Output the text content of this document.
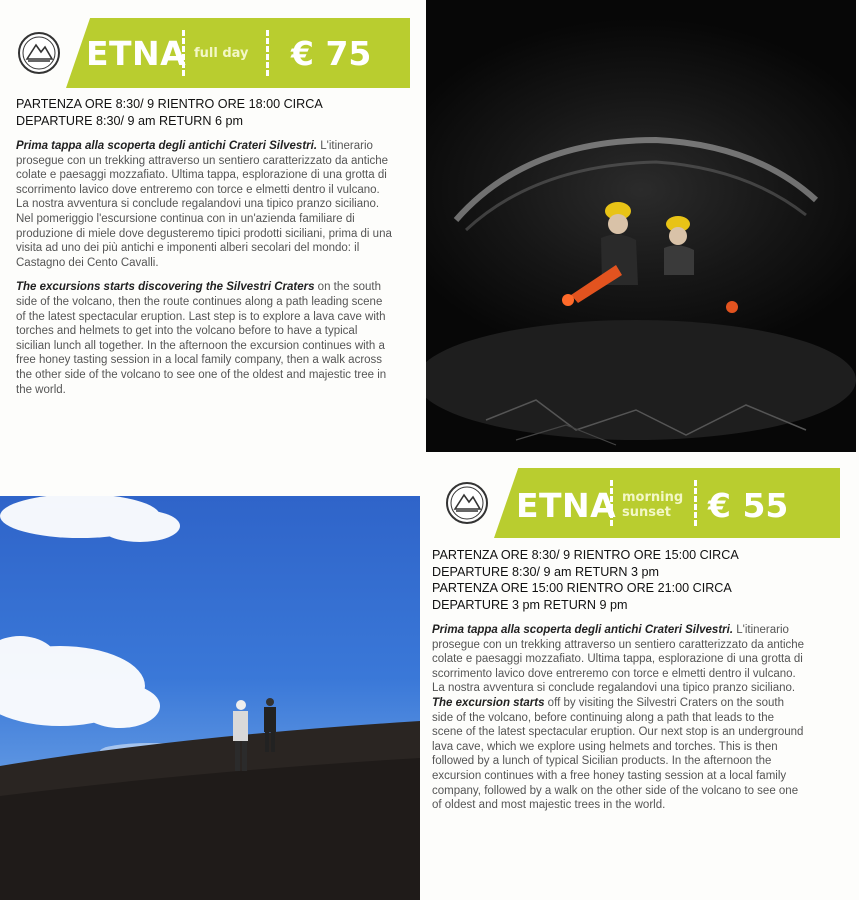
ETNA full day € 75
PARTENZA ORE 8:30/ 9 RIENTRO ORE 18:00 CIRCA
DEPARTURE 8:30/ 9 am RETURN 6 pm
Prima tappa alla scoperta degli antichi Crateri Silvestri. L'itinerario prosegue con un trekking attraverso un sentiero caratterizzato da antiche colate e paesaggi mozzafiato. Ultima tappa, esplorazione di una grotta di scorrimento lavico dove entreremo con torce e elmetti dentro il vulcano. La nostra avventura si conclude regalandovi una tipico pranzo siciliano.
Nel pomeriggio l'escursione continua con in un'azienda familiare di produzione di miele dove degusteremo tipici prodotti siciliani, prima di una visita ad uno dei più antichi e imponenti alberi secolari del mondo: il Castagno dei Cento Cavalli.
The excursions starts discovering the Silvestri Craters on the south side of the volcano, then the route continues along a path leading scene of the latest spectacular eruption. Last step is to explore a lava cave with torches and helmets to get into the volcano before to have a typical sicilian lunch all together. In the afternoon the excursion continues with a free honey tasting session in a local family company, then a walk across the other side of the volcano to see one of the oldest and majestic tree in the world.
ETNA morning
sunset	€ 55
PARTENZA ORE 8:30/ 9 RIENTRO ORE 15:00 CIRCA
DEPARTURE 8:30/ 9 am RETURN 3 pm
PARTENZA ORE 15:00 RIENTRO ORE 21:00 CIRCA
DEPARTURE 3 pm RETURN 9 pm
Prima tappa alla scoperta degli antichi Crateri Silvestri. L'itinerario prosegue con un trekking attraverso un sentiero caratterizzato da antiche colate e paesaggi mozzafiato. Ultima tappa, esplorazione di una grotta di scorrimento lavico dove entreremo con torce e elmetti dentro il vulcano. La nostra avventura si conclude regalandovi una tipico pranzo siciliano. The excursion starts off by visiting the Silvestri Craters on the south side of the volcano, before continuing along a path that leads to the scene of the latest spectacular eruption. Our next stop is an underground lava cave, which we explore using helmets and torches. This is then followed by a lunch of typical Sicilian products. In the afternoon the excursion continues with a free honey tasting session at a local family company, followed by a walk on the other side of the volcano to see one of oldest and most majestic trees in the world.
